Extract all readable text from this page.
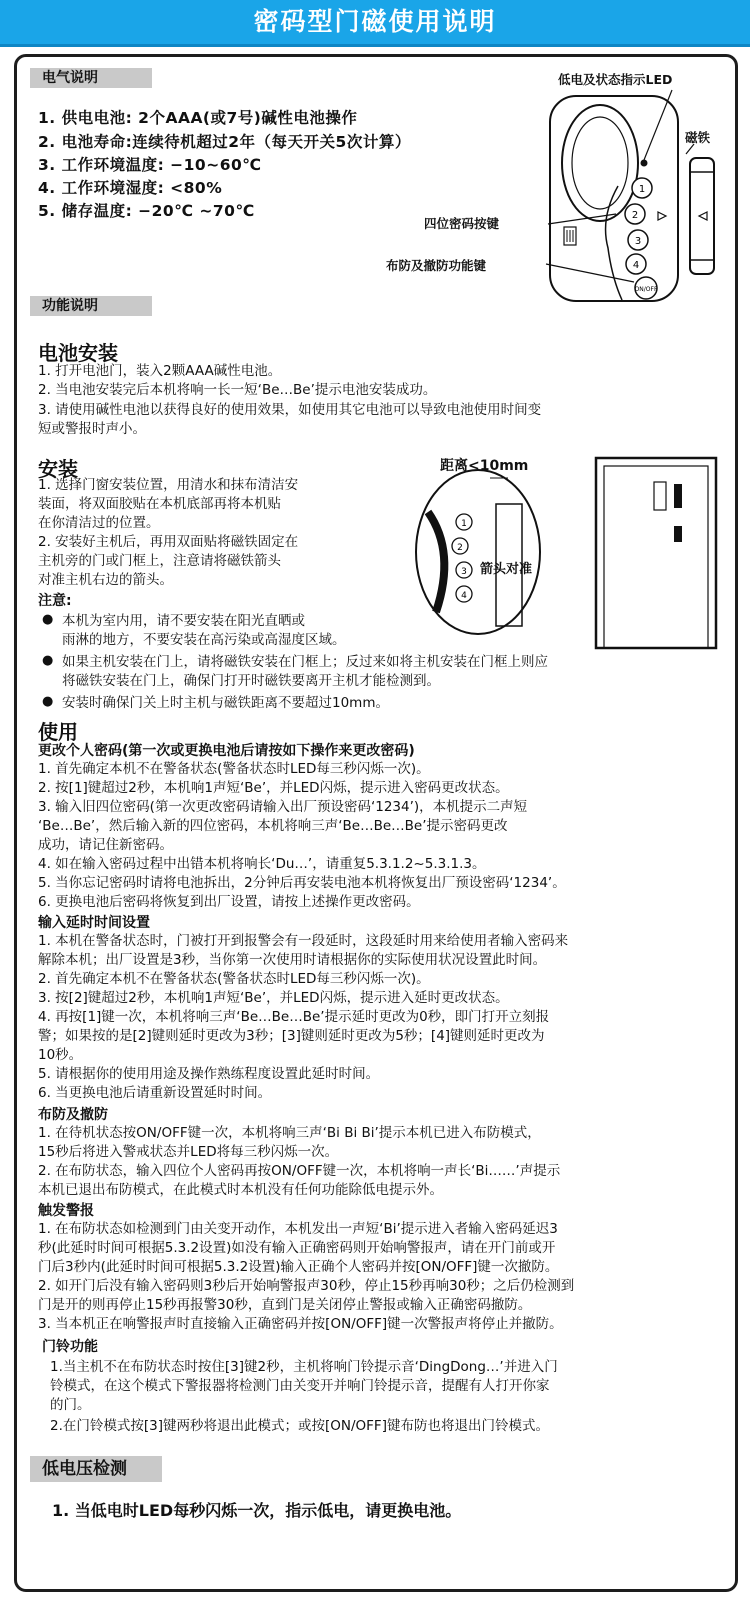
密码型门磁使用说明
电气说明
1. 供电电池: 2个AAA(或7号)碱性电池操作
2. 电池寿命:连续待机超过2年（每天开关5次计算）
3. 工作环境温度: −10~60℃
4. 工作环境湿度: <80%
5. 储存温度: −20℃ ~70℃
1
2
3
4
ON/OFF
低电及状态指示LED
磁铁
四位密码按键
布防及撤防功能键
功能说明
电池安装
1. 打开电池门，装入2颗AAA碱性电池。
2. 当电池安装完后本机将响一长一短‘Be…Be’提示电池安装成功。
3. 请使用碱性电池以获得良好的使用效果，如使用其它电池可以导致电池使用时间变
短或警报时声小。
安装
1. 选择门窗安装位置，用清水和抹布清洁安
装面，将双面胶贴在本机底部再将本机贴
在你清洁过的位置。
2. 安装好主机后，再用双面贴将磁铁固定在
主机旁的门或门框上，注意请将磁铁箭头
对准主机右边的箭头。
1
2
3
4
距离<10mm
箭头对准
注意:
● 本机为室内用，请不要安装在阳光直晒或
雨淋的地方，不要安装在高污染或高湿度区域。
● 如果主机安装在门上，请将磁铁安装在门框上；反过来如将主机安装在门框上则应
将磁铁安装在门上，确保门打开时磁铁要离开主机才能检测到。
● 安装时确保门关上时主机与磁铁距离不要超过10mm。
使用
更改个人密码(第一次或更换电池后请按如下操作来更改密码)
1. 首先确定本机不在警备状态(警备状态时LED每三秒闪烁一次)。
2. 按[1]键超过2秒，本机响1声短‘Be’，并LED闪烁，提示进入密码更改状态。
3. 输入旧四位密码(第一次更改密码请输入出厂预设密码‘1234’)，本机提示二声短
‘Be…Be’，然后输入新的四位密码，本机将响三声‘Be…Be…Be’提示密码更改
成功，请记住新密码。
4. 如在输入密码过程中出错本机将响长‘Du…’，请重复5.3.1.2~5.3.1.3。
5. 当你忘记密码时请将电池拆出，2分钟后再安装电池本机将恢复出厂预设密码‘1234’。
6. 更换电池后密码将恢复到出厂设置，请按上述操作更改密码。
输入延时时间设置
1. 本机在警备状态时，门被打开到报警会有一段延时，这段延时用来给使用者输入密码来
解除本机；出厂设置是3秒，当你第一次使用时请根据你的实际使用状况设置此时间。
2. 首先确定本机不在警备状态(警备状态时LED每三秒闪烁一次)。
3. 按[2]键超过2秒，本机响1声短‘Be’，并LED闪烁，提示进入延时更改状态。
4. 再按[1]键一次，本机将响三声‘Be…Be…Be’提示延时更改为0秒，即门打开立刻报
警；如果按的是[2]键则延时更改为3秒；[3]键则延时更改为5秒；[4]键则延时更改为
10秒。
5. 请根据你的使用用途及操作熟练程度设置此延时时间。
6. 当更换电池后请重新设置延时时间。
布防及撤防
1. 在待机状态按ON/OFF键一次，本机将响三声‘Bi Bi Bi’提示本机已进入布防模式，
15秒后将进入警戒状态并LED将每三秒闪烁一次。
2. 在布防状态，输入四位个人密码再按ON/OFF键一次，本机将响一声长‘Bi……’声提示
本机已退出布防模式，在此模式时本机没有任何功能除低电提示外。
触发警报
1. 在布防状态如检测到门由关变开动作，本机发出一声短‘Bi’提示进入者输入密码延迟3
秒(此延时时间可根据5.3.2设置)如没有输入正确密码则开始响警报声，请在开门前或开
门后3秒内(此延时时间可根据5.3.2设置)输入正确个人密码并按[ON/OFF]键一次撤防。
2. 如开门后没有输入密码则3秒后开始响警报声30秒，停止15秒再响30秒；之后仍检测到
门是开的则再停止15秒再报警30秒，直到门是关闭停止警报或输入正确密码撤防。
3. 当本机正在响警报声时直接输入正确密码并按[ON/OFF]键一次警报声将停止并撤防。
门铃功能
1.当主机不在布防状态时按住[3]键2秒，主机将响门铃提示音‘DingDong…’并进入门
铃模式，在这个模式下警报器将检测门由关变开并响门铃提示音，提醒有人打开你家
的门。
2.在门铃模式按[3]键两秒将退出此模式；或按[ON/OFF]键布防也将退出门铃模式。
低电压检测
1. 当低电时LED每秒闪烁一次，指示低电，请更换电池。
